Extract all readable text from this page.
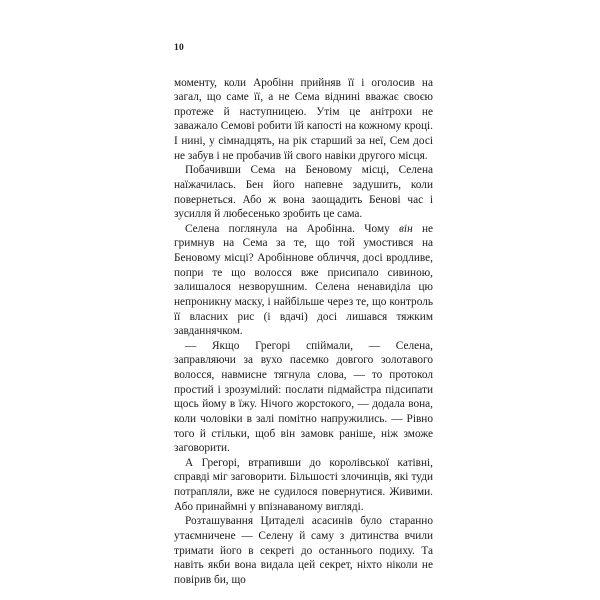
10

моменту, коли Аробінн прийняв її і оголосив на загал, що саме її, а не Сема віднині вважає своєю протеже й наступницею. Утім це анітрохи не заважало Семові робити їй капості на кожному кроці. І нині, у сімнадцять, на рік старший за неї, Сем досі не забув і не пробачив їй свого навіки другого місця.

Побачивши Сема на Беновому місці, Селена наїжачилась. Бен його напевне задушить, коли повернеться. Або ж вона заощадить Бенові час і зусилля й любесенько зробить це сама.

Селена поглянула на Аробінна. Чому він не гримнув на Сема за те, що той умостився на Беновому місці? Аробіннове обличчя, досі вродливе, попри те що волосся вже присипало сивиною, залишалося незворушним. Селена ненавиділа цю непроникну маску, і найбільше через те, що контроль її власних рис (і вдачі) досі лишався тяжким завданнячком.

— Якщо Грегорі спіймали, — Селена, заправляючи за вухо пасемко довгого золотавого волосся, навмисне тягнула слова, — то протокол простий і зрозумілий: послати підмайстра підсипати щось йому в їжу. Нічого жорстокого, — додала вона, коли чоловіки в залі помітно напружились. — Рівно того й стільки, щоб він замовк раніше, ніж зможе заговорити.

А Грегорі, втрапивши до королівської катівні, справді міг заговорити. Більшості злочинців, які туди потрапляли, вже не судилося повернутися. Живими. Або принаймні у впізнаваному вигляді.

Розташування Цитаделі асасинів було старанно утаємничене — Селену й саму з дитинства вчили тримати його в секреті до останнього подиху. Та навіть якби вона видала цей секрет, ніхто ніколи не повірив би, що
